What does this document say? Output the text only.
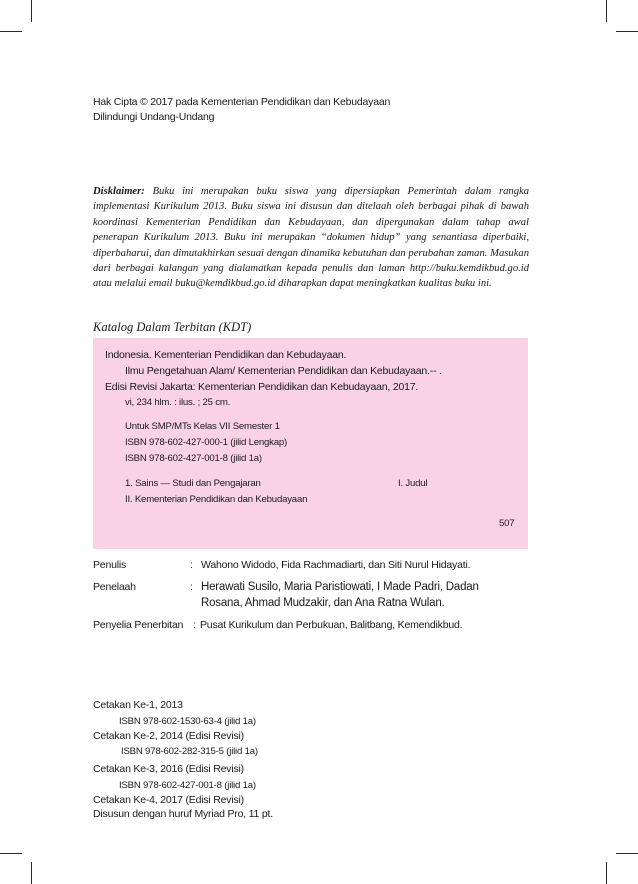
Hak Cipta © 2017 pada Kementerian Pendidikan dan Kebudayaan
Dilindungi Undang-Undang
Disklaimer: Buku ini merupakan buku siswa yang dipersiapkan Pemerintah dalam rangka implementasi Kurikulum 2013. Buku siswa ini disusun dan ditelaah oleh berbagai pihak di bawah koordinasi Kementerian Pendidikan dan Kebudayaan, dan dipergunakan dalam tahap awal penerapan Kurikulum 2013. Buku ini merupakan “dokumen hidup” yang senantiasa diperbaiki, diperbaharui, dan dimutakhirkan sesuai dengan dinamika kebutuhan dan perubahan zaman. Masukan dari berbagai kalangan yang dialamatkan kepada penulis dan laman http://buku.kemdikbud.go.id atau melalui email buku@kemdikbud.go.id diharapkan dapat meningkatkan kualitas buku ini.
Katalog Dalam Terbitan (KDT)
Indonesia. Kementerian Pendidikan dan Kebudayaan.
Ilmu Pengetahuan Alam/ Kementerian Pendidikan dan Kebudayaan.-- .
Edisi Revisi Jakarta: Kementerian Pendidikan dan Kebudayaan, 2017.
vi, 234 hlm. : ilus. ; 25 cm.
Untuk SMP/MTs Kelas VII Semester 1
ISBN 978-602-427-000-1 (jilid Lengkap)
ISBN 978-602-427-001-8 (jilid 1a)
1. Sains — Studi dan Pengajaran	I. Judul
II. Kementerian Pendidikan dan Kebudayaan
507
Penulis	: Wahono Widodo, Fida Rachmadiarti, dan Siti Nurul Hidayati.
Penelaah	: Herawati Susilo, Maria Paristiowati, I Made Padri, Dadan
Rosana, Ahmad Mudzakir, dan Ana Ratna Wulan.
Penyelia Penerbitan : Pusat Kurikulum dan Perbukuan, Balitbang, Kemendikbud.
Cetakan Ke-1, 2013
ISBN 978-602-1530-63-4 (jilid 1a)
Cetakan Ke-2, 2014 (Edisi Revisi)
ISBN 978-602-282-315-5 (jilid 1a)
Cetakan Ke-3, 2016 (Edisi Revisi)
ISBN 978-602-427-001-8 (jilid 1a)
Cetakan Ke-4, 2017 (Edisi Revisi)
Disusun dengan huruf Myriad Pro, 11 pt.
